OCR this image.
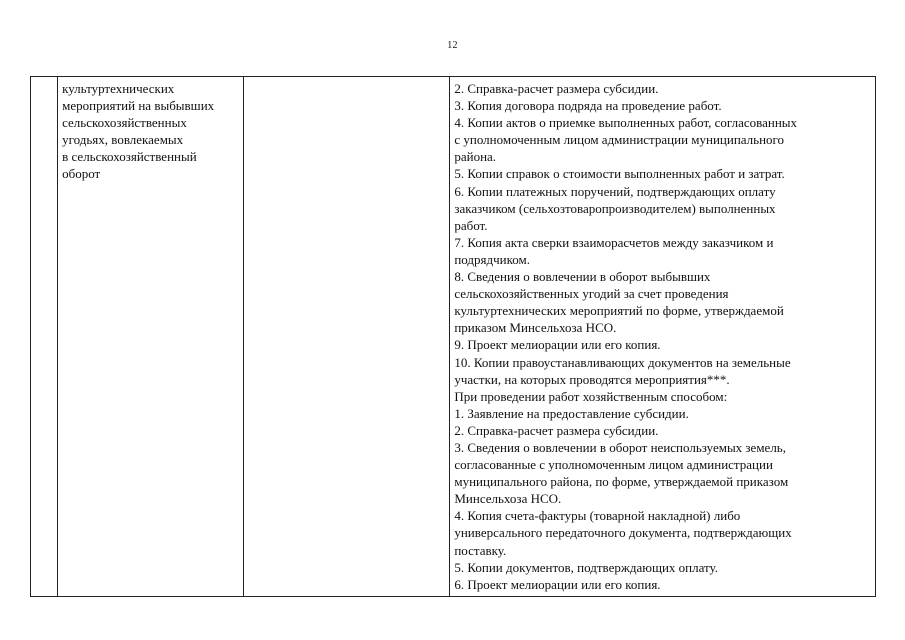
12

культуртехнических
мероприятий на выбывших
сельскохозяйственных
угодьях, вовлекаемых
в сельскохозяйственный
оборот

2. Справка-расчет размера субсидии.
3. Копия договора подряда на проведение работ.
4. Копии актов о приемке выполненных работ, согласованных
с уполномоченным лицом администрации муниципального
района.
5. Копии справок о стоимости выполненных работ и затрат.
6. Копии платежных поручений, подтверждающих оплату
заказчиком (сельхозтоваропроизводителем) выполненных
работ.
7. Копия акта сверки взаиморасчетов между заказчиком и
подрядчиком.
8. Сведения о вовлечении в оборот выбывших
сельскохозяйственных угодий за счет проведения
культуртехнических мероприятий по форме, утверждаемой
приказом Минсельхоза НСО.
9. Проект мелиорации или его копия.
10. Копии правоустанавливающих документов на земельные
участки, на которых проводятся мероприятия***.
При проведении работ хозяйственным способом:
1. Заявление на предоставление субсидии.
2. Справка-расчет размера субсидии.
3. Сведения о вовлечении в оборот неиспользуемых земель,
согласованные с уполномоченным лицом администрации
муниципального района, по форме, утверждаемой приказом
Минсельхоза НСО.
4. Копия счета-фактуры (товарной накладной) либо
универсального передаточного документа, подтверждающих
поставку.
5. Копии документов, подтверждающих оплату.
6. Проект мелиорации или его копия.
